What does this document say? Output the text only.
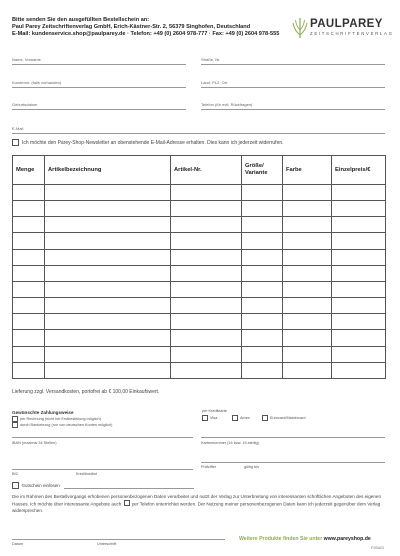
Bitte senden Sie den ausgefüllten Bestellschein an:
Paul Parey Zeitschriftenverlag GmbH, Erich-Kästner-Str. 2, 56379 Singhofen, Deutschland
E-Mail: kundenservice.shop@paulparey.de · Telefon: +49 (0) 2604 978-777 · Fax: +49 (0) 2604 978-555
PAULPAREY
ZEITSCHRIFTENVERLAG
Name, Vorname	Straße, Nr.
Kundennr. (falls vorhanden)	Land, PLZ, Ort
Geburtsdatum	Telefon (für evtl. Rückfragen)
E-Mail
Ich möchte den Parey-Shop-Newsletter an obenstehende E-Mail-Adresse erhalten. Dies kann ich jederzeit widerrufen.
Menge	Artikelbezeichnung	Artikel-Nr.	Größe/ Variante	Farbe	Einzelpreis/€

Lieferung zzgl. Versandkosten, portofrei ab € 100,00 Einkaufswert.
Gewünschte Zahlungsweise
per Rechnung (nicht bei Erstbestellung möglich)
durch Bankeinzug (nur von deutschen Konten möglich)
per Kreditkarte
Visa	Amex	Eurocard/Mastercard
IBAN (maximal 34 Stellen)	Kartennummer (16 bzw. 15-stellig)
BIC	Kreditinstitut
Prüfziffer	gültig bis
Gutschein einlösen
Die im Rahmen des Bestellvorgangs erhobenen personenbezogenen Daten verarbeitet und nutzt der Verlag zur Unterbreitung von interessanten schriftlichen Angeboten des eigenen Hauses. Ich möchte über interessante Angebote auch per Telefon unterrichtet werden. Der Nutzung meiner personenbezogenen Daten kann ich jederzeit gegenüber dem Verlag widersprechen.
Datum	Unterschrift
Weitere Produkte finden Sie unter www.pareyshop.de
F2BA03
